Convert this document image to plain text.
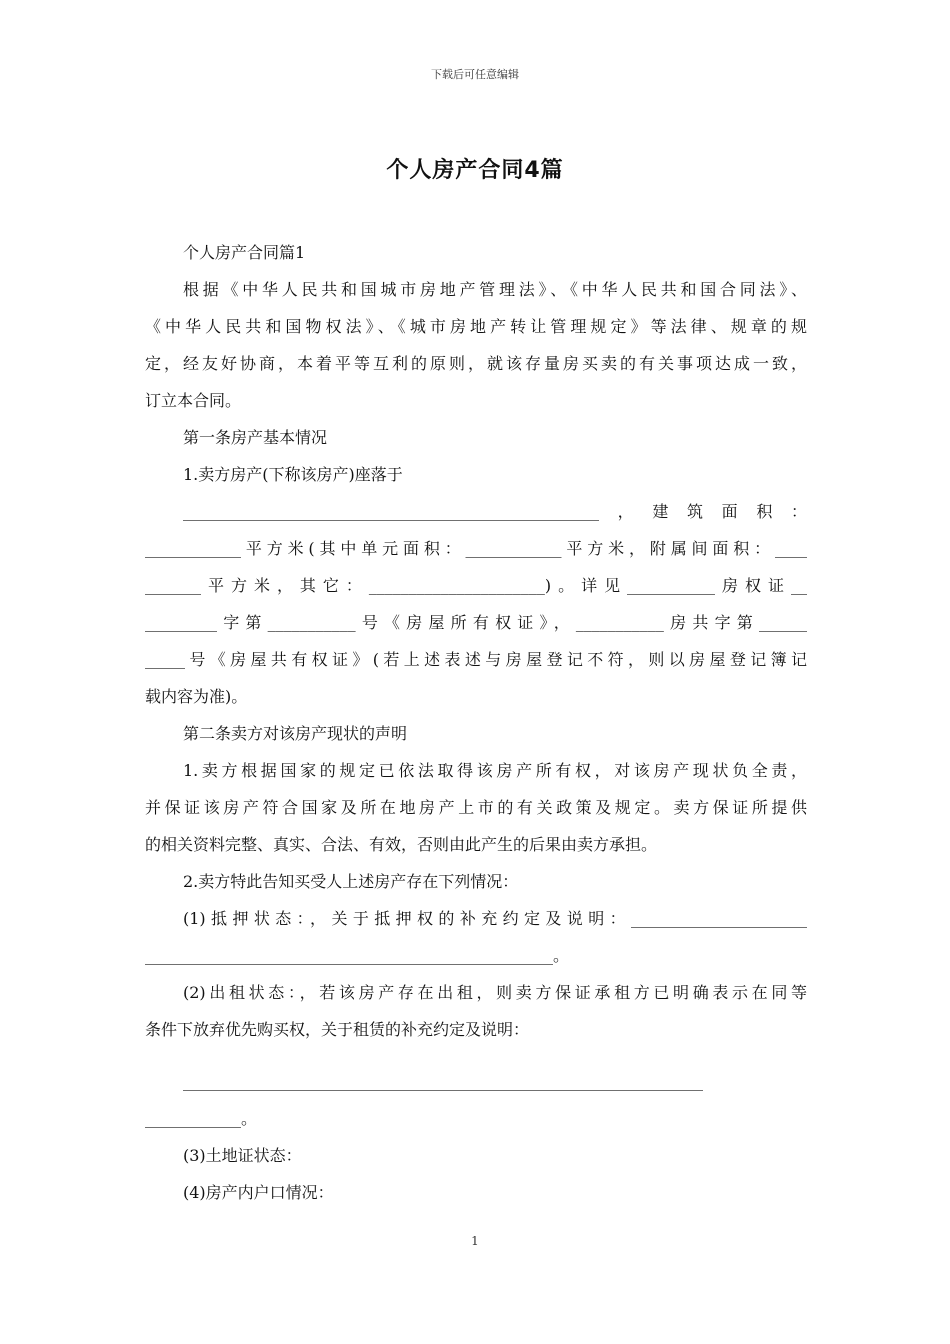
下载后可任意编辑
个人房产合同4篇
个人房产合同篇1
根据《中华人民共和国城市房地产管理法》、《中华人民共和国合同法》、
《中华人民共和国物权法》、《城市房地产转让管理规定》等法律、规章的规
定，经友好协商，本着平等互利的原则，就该存量房买卖的有关事项达成一致，
订立本合同。
第一条房产基本情况
1.卖方房产(下称该房产)座落于
____________________________________________________，建筑面积：
____________平方米(其中单元面积：____________平方米，附属间面积：____
_______平方米，其它：______________________)。详见___________房权证__
_________字第___________号《房屋所有权证》，___________房共字第______
_____号《房屋共有权证》(若上述表述与房屋登记不符，则以房屋登记簿记
载内容为准)。
第二条卖方对该房产现状的声明
1.卖方根据国家的规定已依法取得该房产所有权，对该房产现状负全责，
并保证该房产符合国家及所在地房产上市的有关政策及规定。卖方保证所提供
的相关资料完整、真实、合法、有效，否则由此产生的后果由卖方承担。
2.卖方特此告知买受人上述房产存在下列情况：
(1)抵押状态：，关于抵押权的补充约定及说明：______________________
___________________________________________________。
(2)出租状态：，若该房产存在出租，则卖方保证承租方已明确表示在同等
条件下放弃优先购买权，关于租赁的补充约定及说明：
_________________________________________________________________
____________。
(3)土地证状态：
(4)房产内户口情况：
1
